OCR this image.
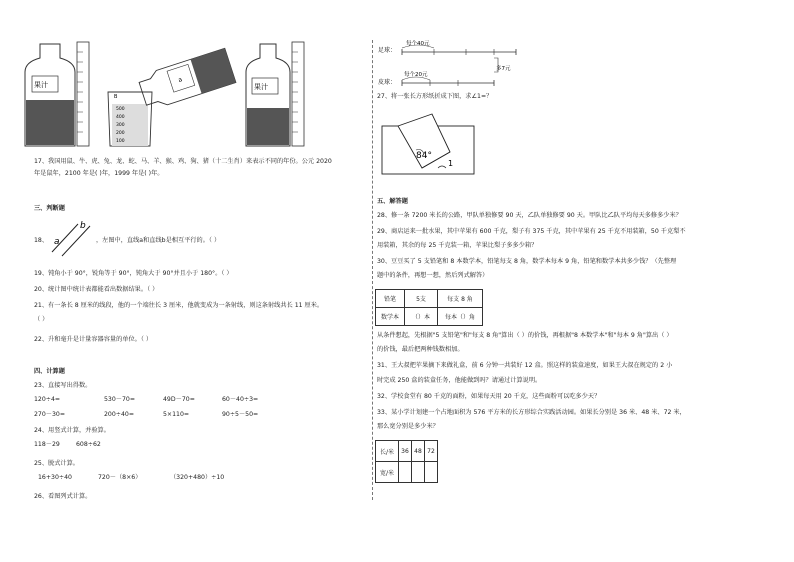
果汁
B
500
400
300
200
100
a
果汁
17、我国用鼠、牛、虎、兔、龙、蛇、马、羊、猴、鸡、狗、猪（十二生肖）来表示不同的年份。公元 2020
年是鼠年，2100 年是( )年，1999 年是( )年。
三、判断题
18、 a
b
，左图中，直线a和直线b是相互平行的。（ ）
19、钝角小于 90°，锐角等于 90°，钝角大于 90°并且小于 180°。（ ）
20、统计图中统计表都能看出数据结果。（ ）
21、有一条长 8 厘米的线段，他的一个端往长 3 厘米，他就变成为一条射线，则这条射线共长 11 厘米。
（ ）
22、升和毫升是计量容器容量的单位。（ ）
四、计算题
23、直接写出得数。
120÷4=	530－70=	49D－70=	60－40÷3=
270－30=	200÷40=	5×110=	90÷5－50=
24、用竖式计算，并验算。
118－29	608÷62
25、脱式计算。
16+30÷40	720－（8×6）	（320+480）÷10
26、看图列式计算。
足球：
每个40元
每个20元
皮球：
多7元
27、将一张长方形纸折成下图，求∠1=？
84°
1
五、解答题
28、修一条 7200 米长的公路，甲队单独修要 90 天，乙队单独修要 90 天。甲队比乙队平均每天多修多少米？
29、商店运来一批水果，其中苹果有 600 千克，梨子有 375 千克，其中苹果有 25 千克不用装箱，50 千克梨不
用装箱，其余的每 25 千克装一箱，苹果比梨子多多少箱？
30、豆豆买了 5 支铅笔和 8 本数学本，铅笔每支 8 角，数学本每本 9 角，铅笔和数学本共多少钱？（先整理
题中的条件，再想一想，然后列式解答）
铅笔	5支	每支 8 角
数学本	（）本	每本（）角
从条件想起，先根据"5 支铅笔"和"每支 8 角"算出（ ）的价钱，再根据"8 本数学本"和"每本 9 角"算出（ ）
的价钱，最后把两种钱数相加。
31、王大叔把苹果摘下来做礼盒，前 6 分钟一共装好 12 盒。照这样的装盒速度，如果王大叔在规定的 2 小
时完成 250 盒的装盒任务，他能做到吗？请通过计算说明。
32、学校食堂有 80 千克的面粉，如果每天用 20 千克，这些面粉可以吃多少天？
33、某小学计划建一个占地面积为 576 平方米的长方形综合实践活动园。如果长分别是 36 米、48 米、72 米，
那么宽分别是多少米？
长/米	36	48	72
宽/米			
